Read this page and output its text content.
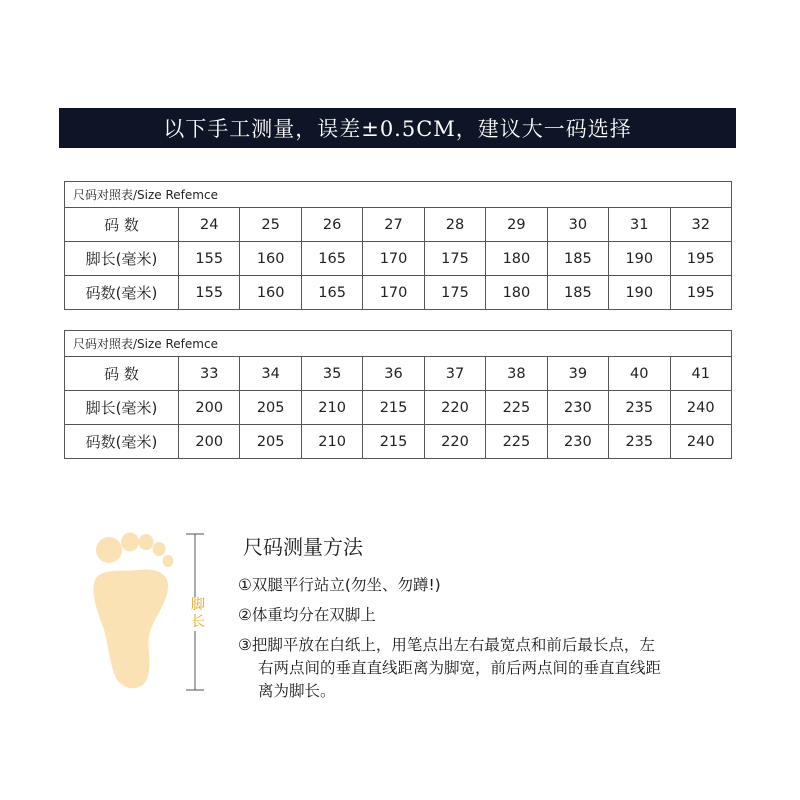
以下手工测量，误差±0.5CM，建议大一码选择
尺码对照表/Size Refemce									
码 数	24	25	26	27	28	29	30	31	32
脚长(毫米)	155	160	165	170	175	180	185	190	195
码数(毫米)	155	160	165	170	175	180	185	190	195
尺码对照表/Size Refemce									
码 数	33	34	35	36	37	38	39	40	41
脚长(毫米)	200	205	210	215	220	225	230	235	240
码数(毫米)	200	205	210	215	220	225	230	235	240
脚长
尺码测量方法
①双腿平行站立(勿坐、勿蹲!)
②体重均分在双脚上
③把脚平放在白纸上，用笔点出左右最宽点和前后最长点，左
右两点间的垂直直线距离为脚宽，前后两点间的垂直直线距
离为脚长。
